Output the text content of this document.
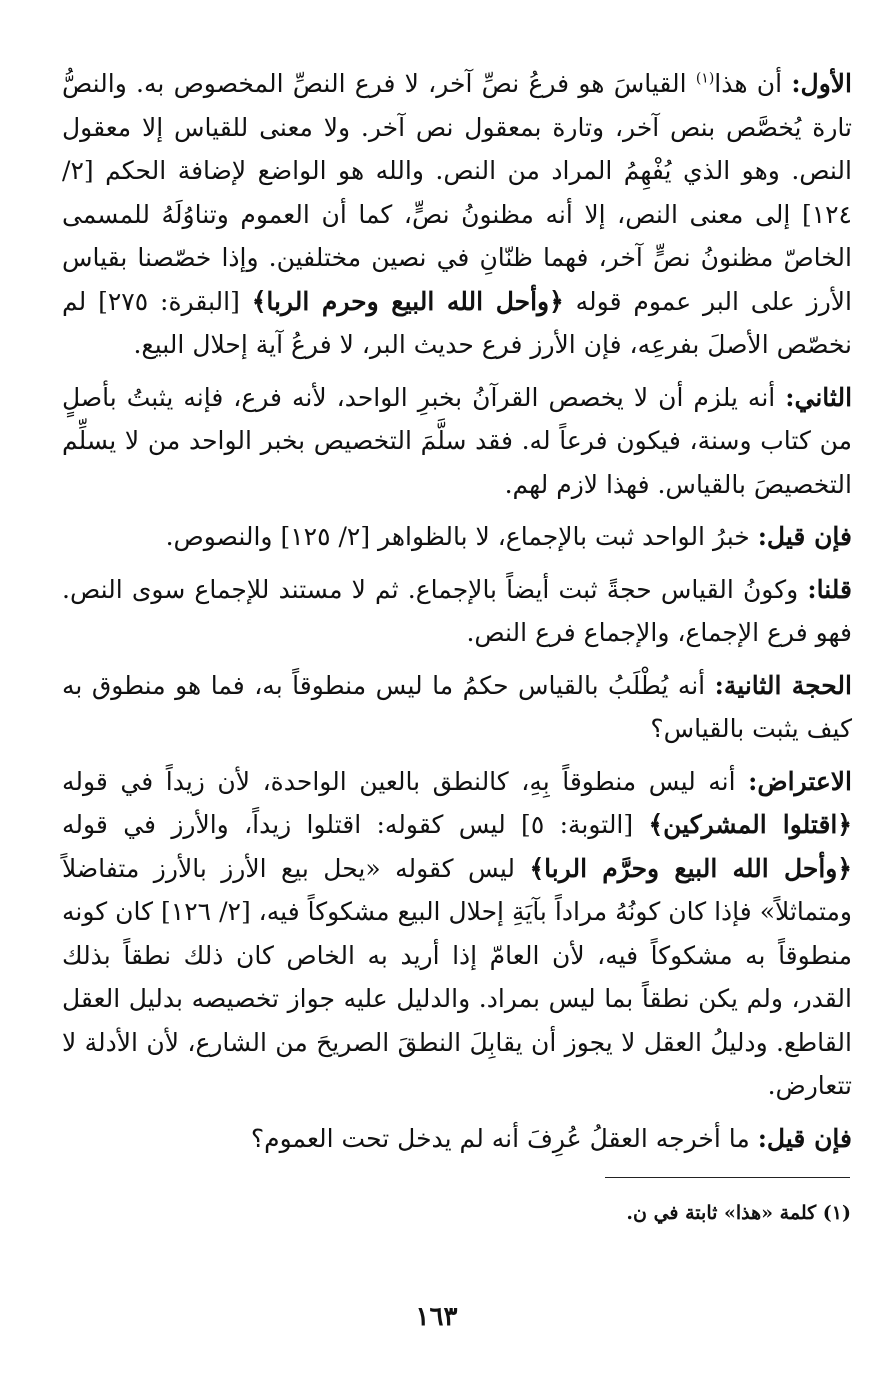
الأول: أن هذا$^{(١)}$ القياسَ هو فرعُ نصِّ آخر، لا فرع النصِّ المخصوص به. والنصُّ تارة يُخصَّص بنص آخر، وتارة بمعقول نص آخر. ولا معنى للقياس إلا معقول النص. وهو الذي يُفْهِمُ المراد من النص. والله هو الواضع لإضافة الحكم [٢/ ١٢٤] إلى معنى النص، إلا أنه مظنونُ نصٍّ، كما أن العموم وتناوُلَهُ للمسمى الخاصّ مظنونُ نصٍّ آخر، فهما ظنّانِ في نصين مختلفين. وإذا خصّصنا بقياس الأرز على البر عموم قوله ﴿وأحل الله البيع وحرم الربا﴾ [البقرة: ٢٧٥] لم نخصّص الأصلَ بفرعِه، فإن الأرز فرع حديث البر، لا فرعُ آية إحلال البيع.

الثاني: أنه يلزم أن لا يخصص القرآنُ بخبرِ الواحد، لأنه فرع، فإنه يثبتُ بأصلٍ من كتاب وسنة، فيكون فرعاً له. فقد سلَّمَ التخصيص بخبر الواحد من لا يسلِّم التخصيصَ بالقياس. فهذا لازم لهم.

فإن قيل: خبرُ الواحد ثبت بالإجماع، لا بالظواهر [٢/ ١٢٥] والنصوص.

قلنا: وكونُ القياس حجةً ثبت أيضاً بالإجماع. ثم لا مستند للإجماع سوى النص. فهو فرع الإجماع، والإجماع فرع النص.

الحجة الثانية: أنه يُطْلَبُ بالقياس حكمُ ما ليس منطوقاً به، فما هو منطوق به كيف يثبت بالقياس؟

الاعتراض: أنه ليس منطوقاً بِهِ، كالنطق بالعين الواحدة، لأن زيداً في قوله ﴿اقتلوا المشركين﴾ [التوبة: ٥] ليس كقوله: اقتلوا زيداً، والأرز في قوله ﴿وأحل الله البيع وحرَّم الربا﴾ ليس كقوله «يحل بيع الأرز بالأرز متفاضلاً ومتماثلاً» فإذا كان كونُهُ مراداً بآيَةِ إحلال البيع مشكوكاً فيه، [٢/ ١٢٦] كان كونه منطوقاً به مشكوكاً فيه، لأن العامّ إذا أريد به الخاص كان ذلك نطقاً بذلك القدر، ولم يكن نطقاً بما ليس بمراد. والدليل عليه جواز تخصيصه بدليل العقل القاطع. ودليلُ العقل لا يجوز أن يقابِلَ النطقَ الصريحَ من الشارع، لأن الأدلة لا تتعارض.

فإن قيل: ما أخرجه العقلُ عُرِفَ أنه لم يدخل تحت العموم؟

(١) كلمة «هذا» ثابتة في ن.
١٦٣
